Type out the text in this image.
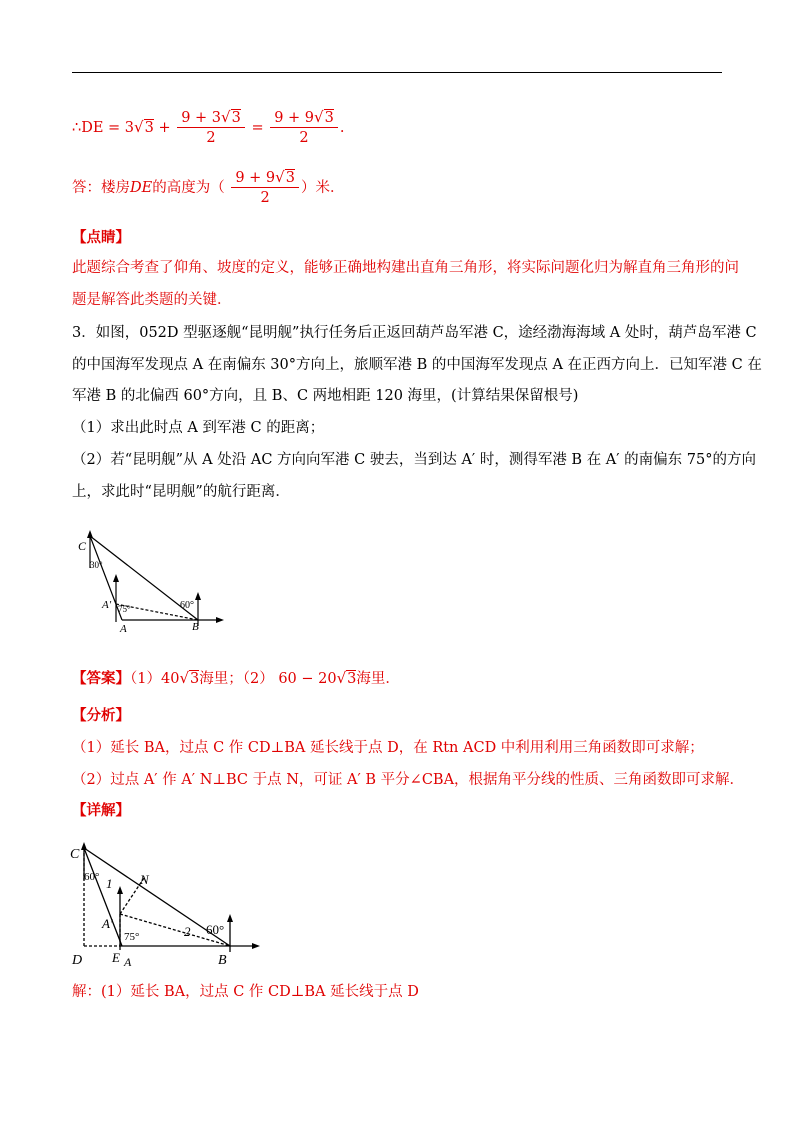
∴DE = $3√3 + \frac{9 + 3√3}{2} = \frac{9 + 9√3}{2}$ .
答：楼房DE的高度为（ $\frac{9 + 9√3}{2}$ ）米．
【点睛】
此题综合考查了仰角、坡度的定义，能够正确地构建出直角三角形，将实际问题化归为解直角三角形的问
题是解答此类题的关键．
3．如图，052D 型驱逐舰“昆明舰”执行任务后正返回葫芦岛军港 C，途经渤海海域 A 处时，葫芦岛军港 C
的中国海军发现点 A 在南偏东 30°方向上，旅顺军港 B 的中国海军发现点 A 在正西方向上．已知军港 C 在
军港 B 的北偏西 60°方向，且 B、C 两地相距 120 海里，(计算结果保留根号)
（1）求出此时点 A 到军港 C 的距离；
（2）若“昆明舰”从 A 处沿 AC 方向向军港 C 驶去，当到达 A′ 时，测得军港 B 在 A′ 的南偏东 75°的方向
上，求此时“昆明舰”的航行距离．
C
30°
A′ 75°
A
60°
B
【答案】（1）40√3海里；（2） 60 − 20√3海里．
【分析】
（1）延长 BA，过点 C 作 CD⊥BA 延长线于点 D，在 Rtn ACD 中利用利用三角函数即可求解；
（2）过点 A′ 作 A′ N⊥BC 于点 N，可证 A′ B 平分∠CBA，根据角平分线的性质、三角函数即可求解．
【详解】
C
60° 1 N
A′
75°	2 60°
D E A	B
解：(1）延长 BA，过点 C 作 CD⊥BA 延长线于点 D
